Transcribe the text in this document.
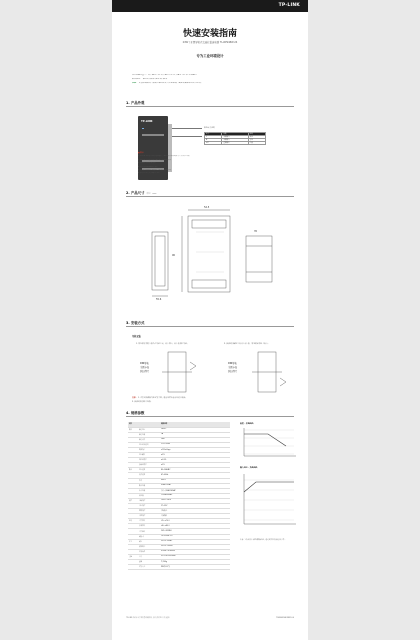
TP-LINK
快速安装指南
24W工业级导轨式交流转直流电源 TL-RPS48W-24
专为工业环境设计
本手册适用型号：以下适用于此 以下适用于此 以下适用于此 本 手册适用
版本说明： 说明文档版本 说明文档版本
注意： 安装前请阅读产品使用说明及安全注意事项，避免设备损坏或人身伤害。
1. 产品外观
TP-LINK
接线端子说明
端子	功能	说明
L	交流输入	火线
N	交流输入	零线
+V	直流输出	正极
■ 提示
1. 请在断电状态下进行接线操作，确认输入电源规格与产品要求一致。
2. 输出电压可通过电位器在规定范围内调节。
3. 请确保设备接地良好。
4. 安装时请预留散热空间。
5. 请勿在潮湿或有腐蚀性气体的环境中使用。
6. 指示灯常亮表示输出正常。
2. 产品尺寸 单位：mm
52.5
90
55.6
35
3. 安装方式
导轨安装
1. 将电源背部的卡扣挂在导轨上端，向下按压，使卡扣扣住导轨。	2. 拆卸时用螺丝刀向下拉动卡扣，将电源从导轨上取下。
DIN导轨
金属卡扣
拉扣弹片
DIN导轨
金属卡扣
拉扣弹片
注意： 1. 安装时请确保导轨安装牢固，避免设备在振动环境中脱落。
2. 拆卸时请先断开电源。
4. 规格参数
项目		规格说明
输出	额定电压	24VDC
	额定电流	1A
	额定功率	24W
	电压调节范围	21.6~26.4V
	纹波噪声	≤120mVp-p
	电压精度	±1%
	线性调整率	±0.5%
	负载调整率	±1%
输入	电压范围	85~264VAC
	频率范围	47~63Hz
	效率	≥85%
	输入电流	0.6A/115VAC
	冲击电流	冷启动 30A/230VAC
	漏电流	<1mA/240VAC
保护	过载保护	105%~150%
	过压保护	27~32V
	短路保护	打嗝模式
	过温保护	关闭输出
环境	工作温度	-25~+70℃
	存储温度	-40~+85℃
	工作湿度	20%~95%RH
	耐振动	10~500Hz, 2G
安全	耐压	I/P-O/P: 3KVAC
	绝缘阻抗	I/P-O/P: 100MΩ
	安规标准	UL508 / IEC60950
其他	尺寸	52.5×90×55.6mm
	重量	约 200g
	安装方式	DIN导轨安装
温度 - 负载曲线
输入电压 - 负载曲线
注意：实际使用中请参考降额曲线，避免设备长时间满负荷工作。
TP-LINK 保留对本手册的最终解释权，如有变更恕不另行通知。	7103503168 REV1.0.0
